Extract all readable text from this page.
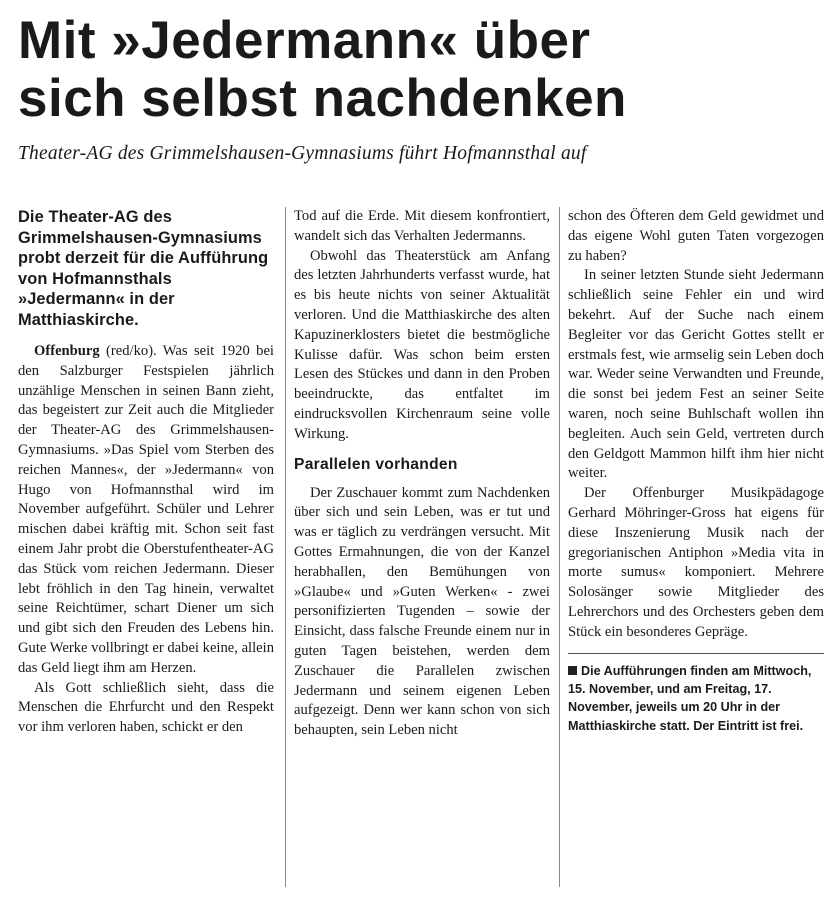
Mit »Jedermann« über
sich selbst nachdenken
Theater-AG des Grimmelshausen-Gymnasiums führt Hofmannsthal auf
Die Theater-AG des Grimmelshausen-Gymnasiums probt derzeit für die Aufführung von Hofmannsthals »Jedermann« in der Matthiaskirche.

Offenburg (red/ko). Was seit 1920 bei den Salzburger Festspielen jährlich unzählige Menschen in seinen Bann zieht, das begeistert zur Zeit auch die Mitglieder der Theater-AG des Grimmelshausen-Gymnasiums. »Das Spiel vom Sterben des reichen Mannes«, der »Jedermann« von Hugo von Hofmannsthal wird im November aufgeführt. Schüler und Lehrer mischen dabei kräftig mit. Schon seit fast einem Jahr probt die Oberstufentheater-AG das Stück vom reichen Jedermann. Dieser lebt fröhlich in den Tag hinein, verwaltet seine Reichtümer, schart Diener um sich und gibt sich den Freuden des Lebens hin. Gute Werke vollbringt er dabei keine, allein das Geld liegt ihm am Herzen.

Als Gott schließlich sieht, dass die Menschen die Ehrfurcht und den Respekt vor ihm verloren haben, schickt er den

Tod auf die Erde. Mit diesem konfrontiert, wandelt sich das Verhalten Jedermanns.

Obwohl das Theaterstück am Anfang des letzten Jahrhunderts verfasst wurde, hat es bis heute nichts von seiner Aktualität verloren. Und die Matthiaskirche des alten Kapuzinerklosters bietet die bestmögliche Kulisse dafür. Was schon beim ersten Lesen des Stückes und dann in den Proben beeindruckte, das entfaltet im eindrucksvollen Kirchenraum seine volle Wirkung.

Parallelen vorhanden

Der Zuschauer kommt zum Nachdenken über sich und sein Leben, was er tut und was er täglich zu verdrängen versucht. Mit Gottes Ermahnungen, die von der Kanzel herabhallen, den Bemühungen von »Glaube« und »Guten Werken« - zwei personifizierten Tugenden – sowie der Einsicht, dass falsche Freunde einem nur in guten Tagen beistehen, werden dem Zuschauer die Parallelen zwischen Jedermann und seinem eigenen Leben aufgezeigt. Denn wer kann schon von sich behaupten, sein Leben nicht

schon des Öfteren dem Geld gewidmet und das eigene Wohl guten Taten vorgezogen zu haben?

In seiner letzten Stunde sieht Jedermann schließlich seine Fehler ein und wird bekehrt. Auf der Suche nach einem Begleiter vor das Gericht Gottes stellt er erstmals fest, wie armselig sein Leben doch war. Weder seine Verwandten und Freunde, die sonst bei jedem Fest an seiner Seite waren, noch seine Buhlschaft wollen ihn begleiten. Auch sein Geld, vertreten durch den Geldgott Mammon hilft ihm hier nicht weiter.

Der Offenburger Musikpädagoge Gerhard Möhringer-Gross hat eigens für diese Inszenierung Musik nach der gregorianischen Antiphon »Media vita in morte sumus« komponiert. Mehrere Solosänger sowie Mitglieder des Lehrerchors und des Orchesters geben dem Stück ein besonderes Gepräge.

Die Aufführungen finden am Mittwoch, 15. November, und am Freitag, 17. November, jeweils um 20 Uhr in der Matthiaskirche statt. Der Eintritt ist frei.
